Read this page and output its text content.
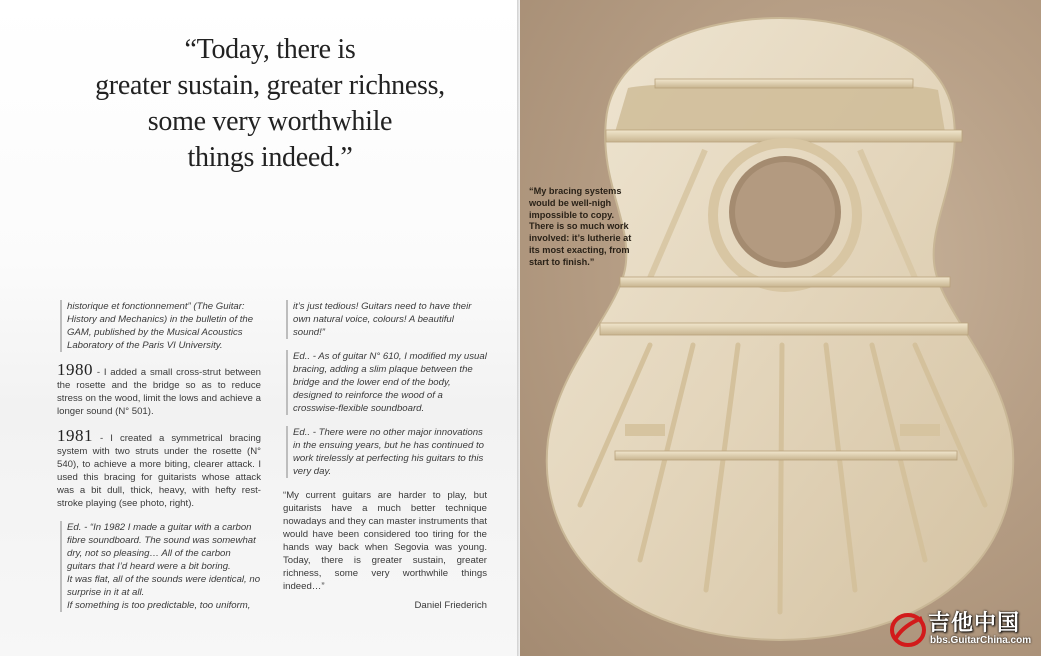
“Today, there is
greater sustain, greater richness,
some very worthwhile
things indeed.”
historique et fonctionnement” (The Guitar: History and Mechanics) in the bulletin of the GAM, published by the Musical Acoustics Laboratory of the Paris VI University.
1980 - I added a small cross-strut between the rosette and the bridge so as to reduce stress on the wood, limit the lows and achieve a longer sound (N° 501).
1981 - I created a symmetrical bracing system with two struts under the rosette (N° 540), to achieve a more biting, clearer attack. I used this bracing for guitarists whose attack was a bit dull, thick, heavy, with hefty rest-stroke playing (see photo, right).
Ed. - “In 1982 I made a guitar with a carbon fibre soundboard. The sound was somewhat dry, not so pleasing… All of the carbon guitars that I’d heard were a bit boring.
It was flat, all of the sounds were identical, no surprise in it at all.
If something is too predictable, too uniform,
it’s just tedious! Guitars need to have their own natural voice, colours! A beautiful sound!”
Ed.. - As of guitar N° 610, I modified my usual bracing, adding a slim plaque between the bridge and the lower end of the body, designed to reinforce the wood of a crosswise-flexible soundboard.
Ed.. - There were no other major innovations in the ensuing years, but he has continued to work tirelessly at perfecting his guitars to this very day.
“My current guitars are harder to play, but guitarists have a much better technique nowadays and they can master instruments that would have been considered too tiring for the hands way back when Segovia was young. Today, there is greater sustain, greater richness, some very worthwhile things indeed…”
Daniel Friederich
“My bracing systems would be well-nigh impossible to copy. There is so much work involved: it’s lutherie at its most exacting, from start to finish.”
吉他中国
bbs.GuitarChina.com
